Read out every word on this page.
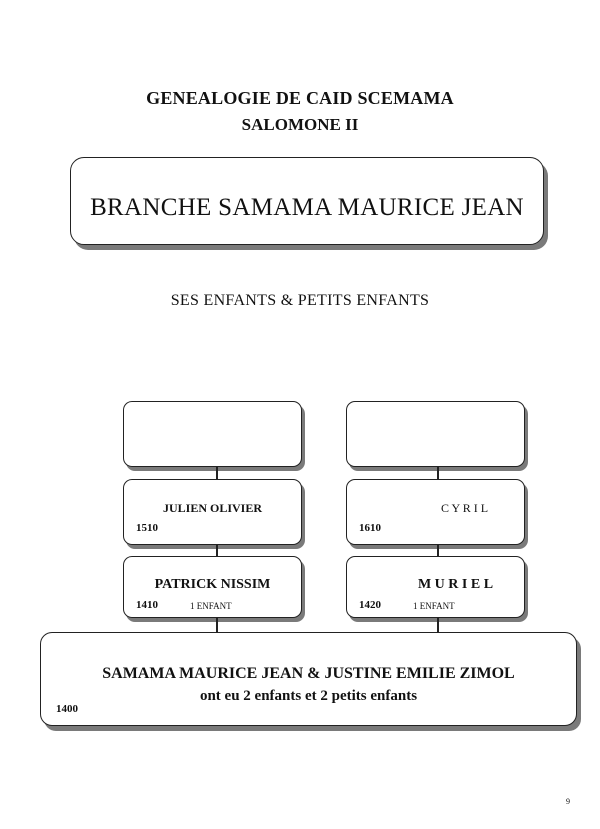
GENEALOGIE DE CAID SCEMAMA
SALOMONE II
BRANCHE SAMAMA MAURICE JEAN
SES ENFANTS & PETITS ENFANTS
JULIEN OLIVIER
1510
PATRICK NISSIM
1410	1 ENFANT
C Y R I L
1610
M U R I E L
1420	1 ENFANT
SAMAMA MAURICE JEAN & JUSTINE EMILIE ZIMOL
ont eu 2 enfants et 2 petits enfants
1400
9
